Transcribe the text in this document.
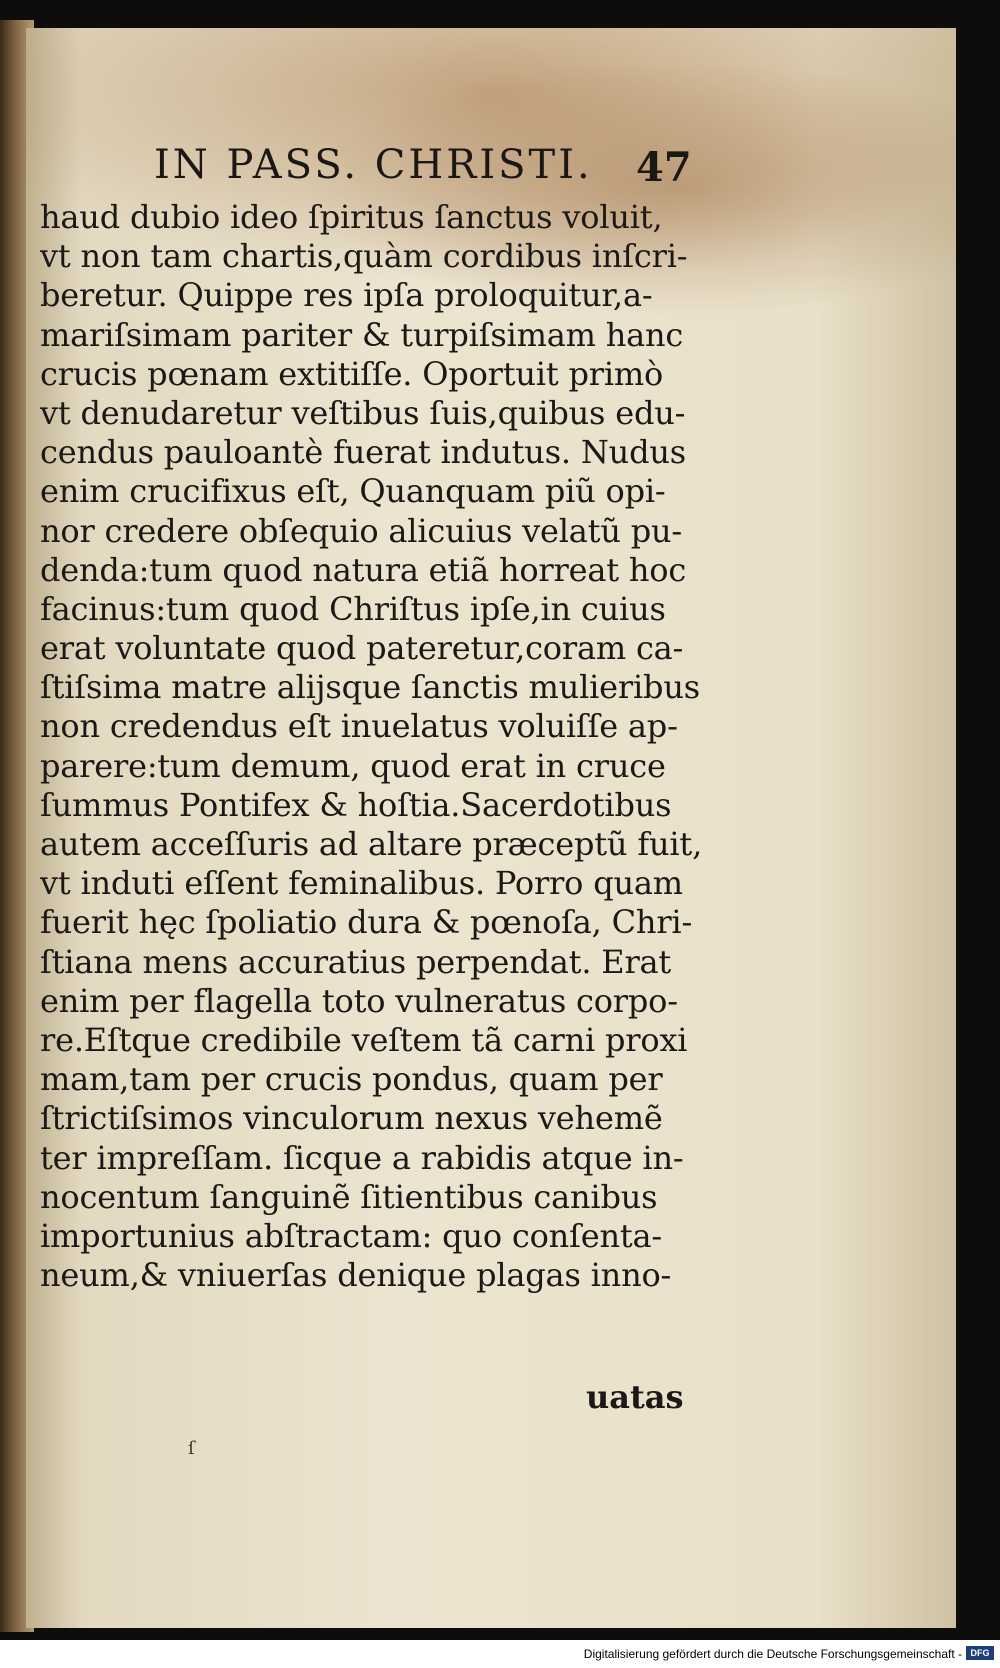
IN PASS. CHRISTI. 47
haud dubio ideo ſpiritus ſanctus voluit,
vt non tam chartis,quàm cordibus inſcri-
beretur. Quippe res ipſa proloquitur,a-
mariſsimam pariter & turpiſsimam hanc
crucis pœnam extitiſſe. Oportuit primò
vt denudaretur veſtibus ſuis,quibus edu-
cendus pauloantè fuerat indutus. Nudus
enim crucifixus eſt, Quanquam piũ opi-
nor credere obſequio alicuius velatũ pu-
denda:tum quod natura etiã horreat hoc
facinus:tum quod Chriſtus ipſe,in cuius
erat voluntate quod pateretur,coram ca-
ſtiſsima matre alijsque ſanctis mulieribus
non credendus eſt inuelatus voluiſſe ap-
parere:tum demum, quod erat in cruce
ſummus Pontifex & hoſtia.Sacerdotibus
autem acceſſuris ad altare præceptũ fuit,
vt induti eſſent feminalibus. Porro quam
fuerit hęc ſpoliatio dura & pœnoſa, Chri-
ſtiana mens accuratius perpendat. Erat
enim per flagella toto vulneratus corpo-
re.Eſtque credibile veſtem tã carni proxi
mam,tam per crucis pondus, quam per
ſtrictiſsimos vinculorum nexus vehemẽ
ter impreſſam. ſicque a rabidis atque in-
nocentum ſanguinẽ ſitientibus canibus
importunius abſtractam: quo conſenta-
neum,& vniuerſas denique plagas inno-
uatas
ſ
Digitalisierung gefördert durch die Deutsche Forschungsgemeinschaft - DFG
